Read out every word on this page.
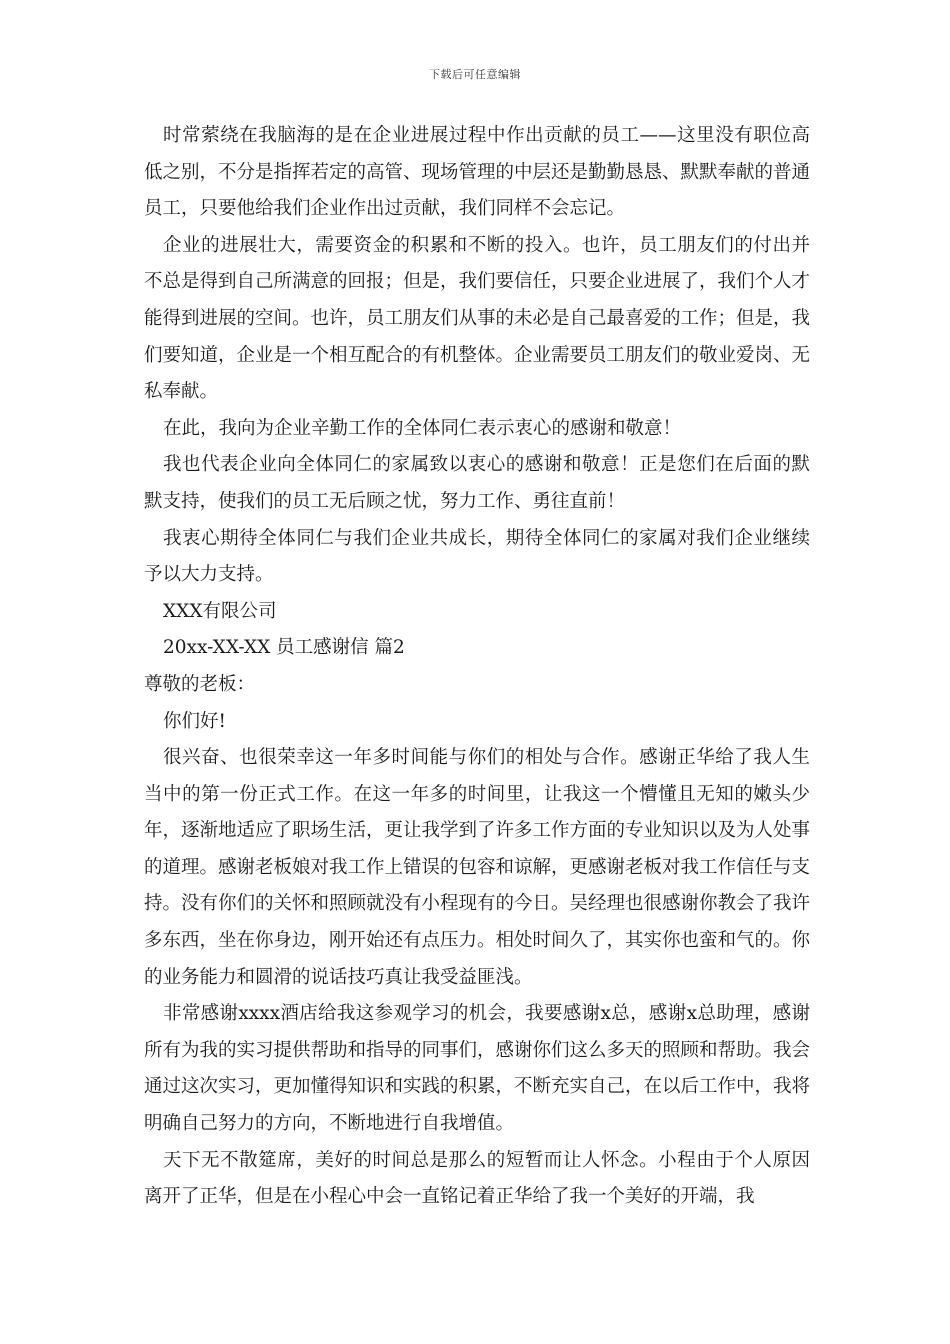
下载后可任意编辑

时常萦绕在我脑海的是在企业进展过程中作出贡献的员工——这里没有职位高低之别，不分是指挥若定的高管、现场管理的中层还是勤勤恳恳、默默奉献的普通员工，只要他给我们企业作出过贡献，我们同样不会忘记。

企业的进展壮大，需要资金的积累和不断的投入。也许，员工朋友们的付出并不总是得到自己所满意的回报；但是，我们要信任，只要企业进展了，我们个人才能得到进展的空间。也许，员工朋友们从事的未必是自己最喜爱的工作；但是，我们要知道，企业是一个相互配合的有机整体。企业需要员工朋友们的敬业爱岗、无私奉献。

在此，我向为企业辛勤工作的全体同仁表示衷心的感谢和敬意！

我也代表企业向全体同仁的家属致以衷心的感谢和敬意！正是您们在后面的默默支持，使我们的员工无后顾之忧，努力工作、勇往直前！

我衷心期待全体同仁与我们企业共成长，期待全体同仁的家属对我们企业继续予以大力支持。

XXX有限公司

20xx-XX-XX 员工感谢信 篇2

尊敬的老板：

你们好!

很兴奋、也很荣幸这一年多时间能与你们的相处与合作。感谢正华给了我人生当中的第一份正式工作。在这一年多的时间里，让我这一个懵懂且无知的嫩头少年，逐渐地适应了职场生活，更让我学到了许多工作方面的专业知识以及为人处事的道理。感谢老板娘对我工作上错误的包容和谅解，更感谢老板对我工作信任与支持。没有你们的关怀和照顾就没有小程现有的今日。吴经理也很感谢你教会了我许多东西，坐在你身边，刚开始还有点压力。相处时间久了，其实你也蛮和气的。你的业务能力和圆滑的说话技巧真让我受益匪浅。

非常感谢xxxx酒店给我这参观学习的机会，我要感谢x总，感谢x总助理，感谢所有为我的实习提供帮助和指导的同事们，感谢你们这么多天的照顾和帮助。我会通过这次实习，更加懂得知识和实践的积累，不断充实自己，在以后工作中，我将明确自己努力的方向，不断地进行自我增值。

天下无不散筵席，美好的时间总是那么的短暂而让人怀念。小程由于个人原因离开了正华，但是在小程心中会一直铭记着正华给了我一个美好的开端，我
